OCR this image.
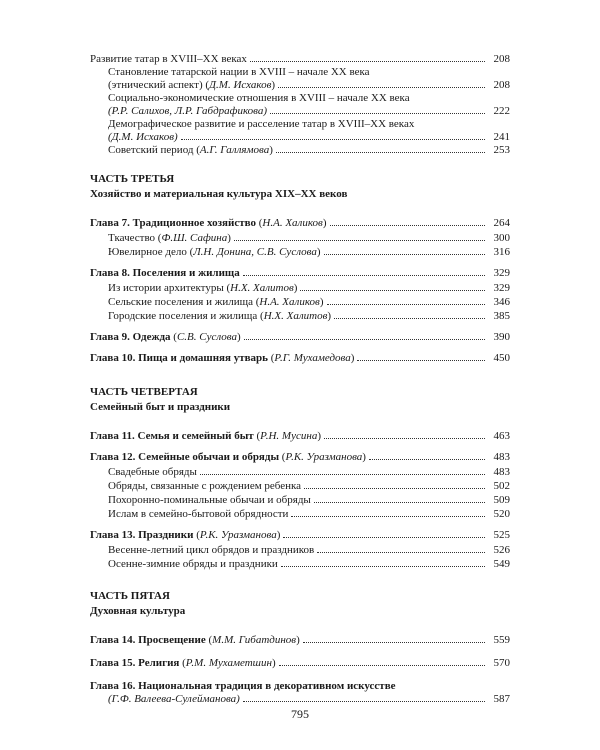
Развитие татар в XVIII–XX веках	208
Становление татарской нации в XVIII – начале XX века
(этнический аспект) (Д.М. Исхаков)	208
Социально-экономические отношения в XVIII – начале XX века
(Р.Р. Салихов, Л.Р. Габдрафикова)	222
Демографическое развитие и расселение татар в XVIII–XX веках
(Д.М. Исхаков)	241
Советский период (А.Г. Галлямова)	253
ЧАСТЬ ТРЕТЬЯ
Хозяйство и материальная культура XIX–XX веков
Глава 7. Традиционное хозяйство (Н.А. Халиков)	264
Ткачество (Ф.Ш. Сафина)	300
Ювелирное дело (Л.Н. Донина, С.В. Суслова)	316
Глава 8. Поселения и жилища	329
Из истории архитектуры (Н.Х. Халитов)	329
Сельские поселения и жилища (Н.А. Халиков)	346
Городские поселения и жилища (Н.Х. Халитов)	385
Глава 9. Одежда (С.В. Суслова)	390
Глава 10. Пища и домашняя утварь (Р.Г. Мухамедова)	450
ЧАСТЬ ЧЕТВЕРТАЯ
Семейный быт и праздники
Глава 11. Семья и семейный быт (Р.Н. Мусина)	463
Глава 12. Семейные обычаи и обряды (Р.К. Уразманова)	483
Свадебные обряды	483
Обряды, связанные с рождением ребенка	502
Похоронно-поминальные обычаи и обряды	509
Ислам в семейно-бытовой обрядности	520
Глава 13. Праздники (Р.К. Уразманова)	525
Весенне-летний цикл обрядов и праздников	526
Осенне-зимние обряды и праздники	549
ЧАСТЬ ПЯТАЯ
Духовная культура
Глава 14. Просвещение (М.М. Гибатдинов)	559
Глава 15. Религия (Р.М. Мухаметшин)	570
Глава 16. Национальная традиция в декоративном искусстве
(Г.Ф. Валеева-Сулейманова)	587
795
